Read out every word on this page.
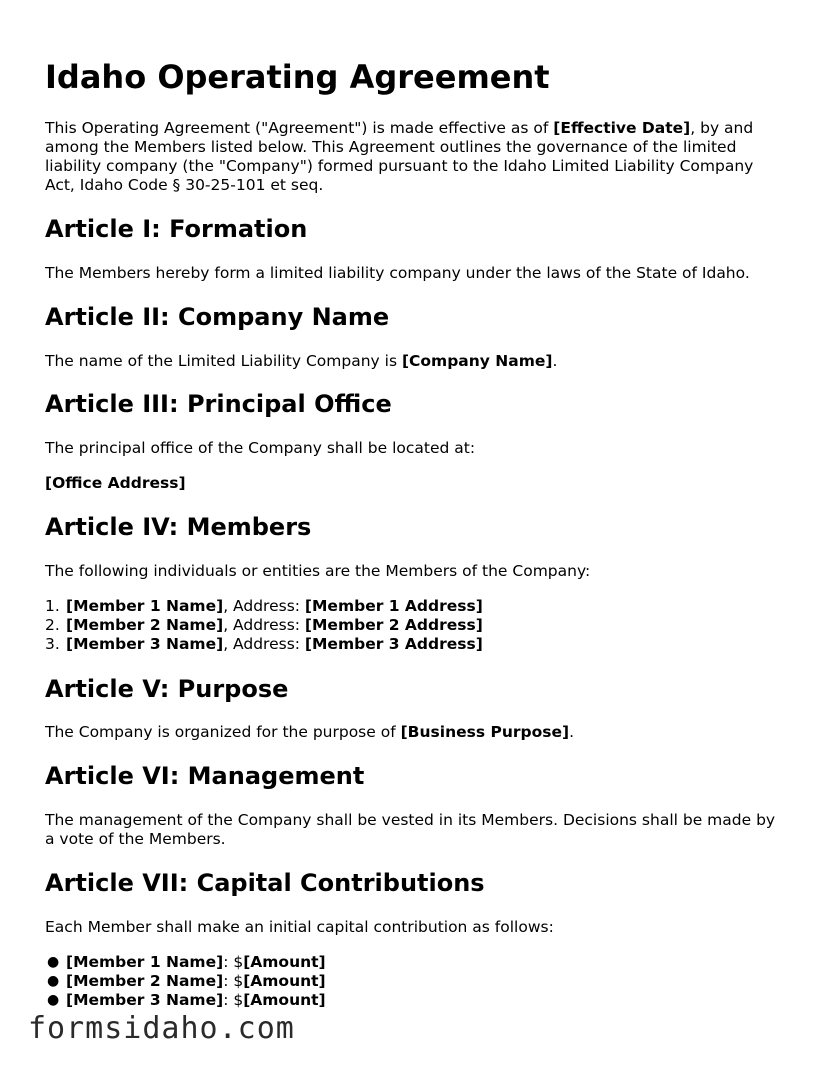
Idaho Operating Agreement

This Operating Agreement ("Agreement") is made effective as of [Effective Date], by and among the Members listed below. This Agreement outlines the governance of the limited liability company (the "Company") formed pursuant to the Idaho Limited Liability Company Act, Idaho Code § 30-25-101 et seq.

Article I: Formation

The Members hereby form a limited liability company under the laws of the State of Idaho.

Article II: Company Name

The name of the Limited Liability Company is [Company Name].

Article III: Principal Office

The principal office of the Company shall be located at:

[Office Address]

Article IV: Members

The following individuals or entities are the Members of the Company:

1. [Member 1 Name], Address: [Member 1 Address]
2. [Member 2 Name], Address: [Member 2 Address]
3. [Member 3 Name], Address: [Member 3 Address]
Article V: Purpose

The Company is organized for the purpose of [Business Purpose].

Article VI: Management

The management of the Company shall be vested in its Members. Decisions shall be made by a vote of the Members.

Article VII: Capital Contributions

Each Member shall make an initial capital contribution as follows:

● [Member 1 Name]: $[Amount]
● [Member 2 Name]: $[Amount]
● [Member 3 Name]: $[Amount]
formsidaho.com
